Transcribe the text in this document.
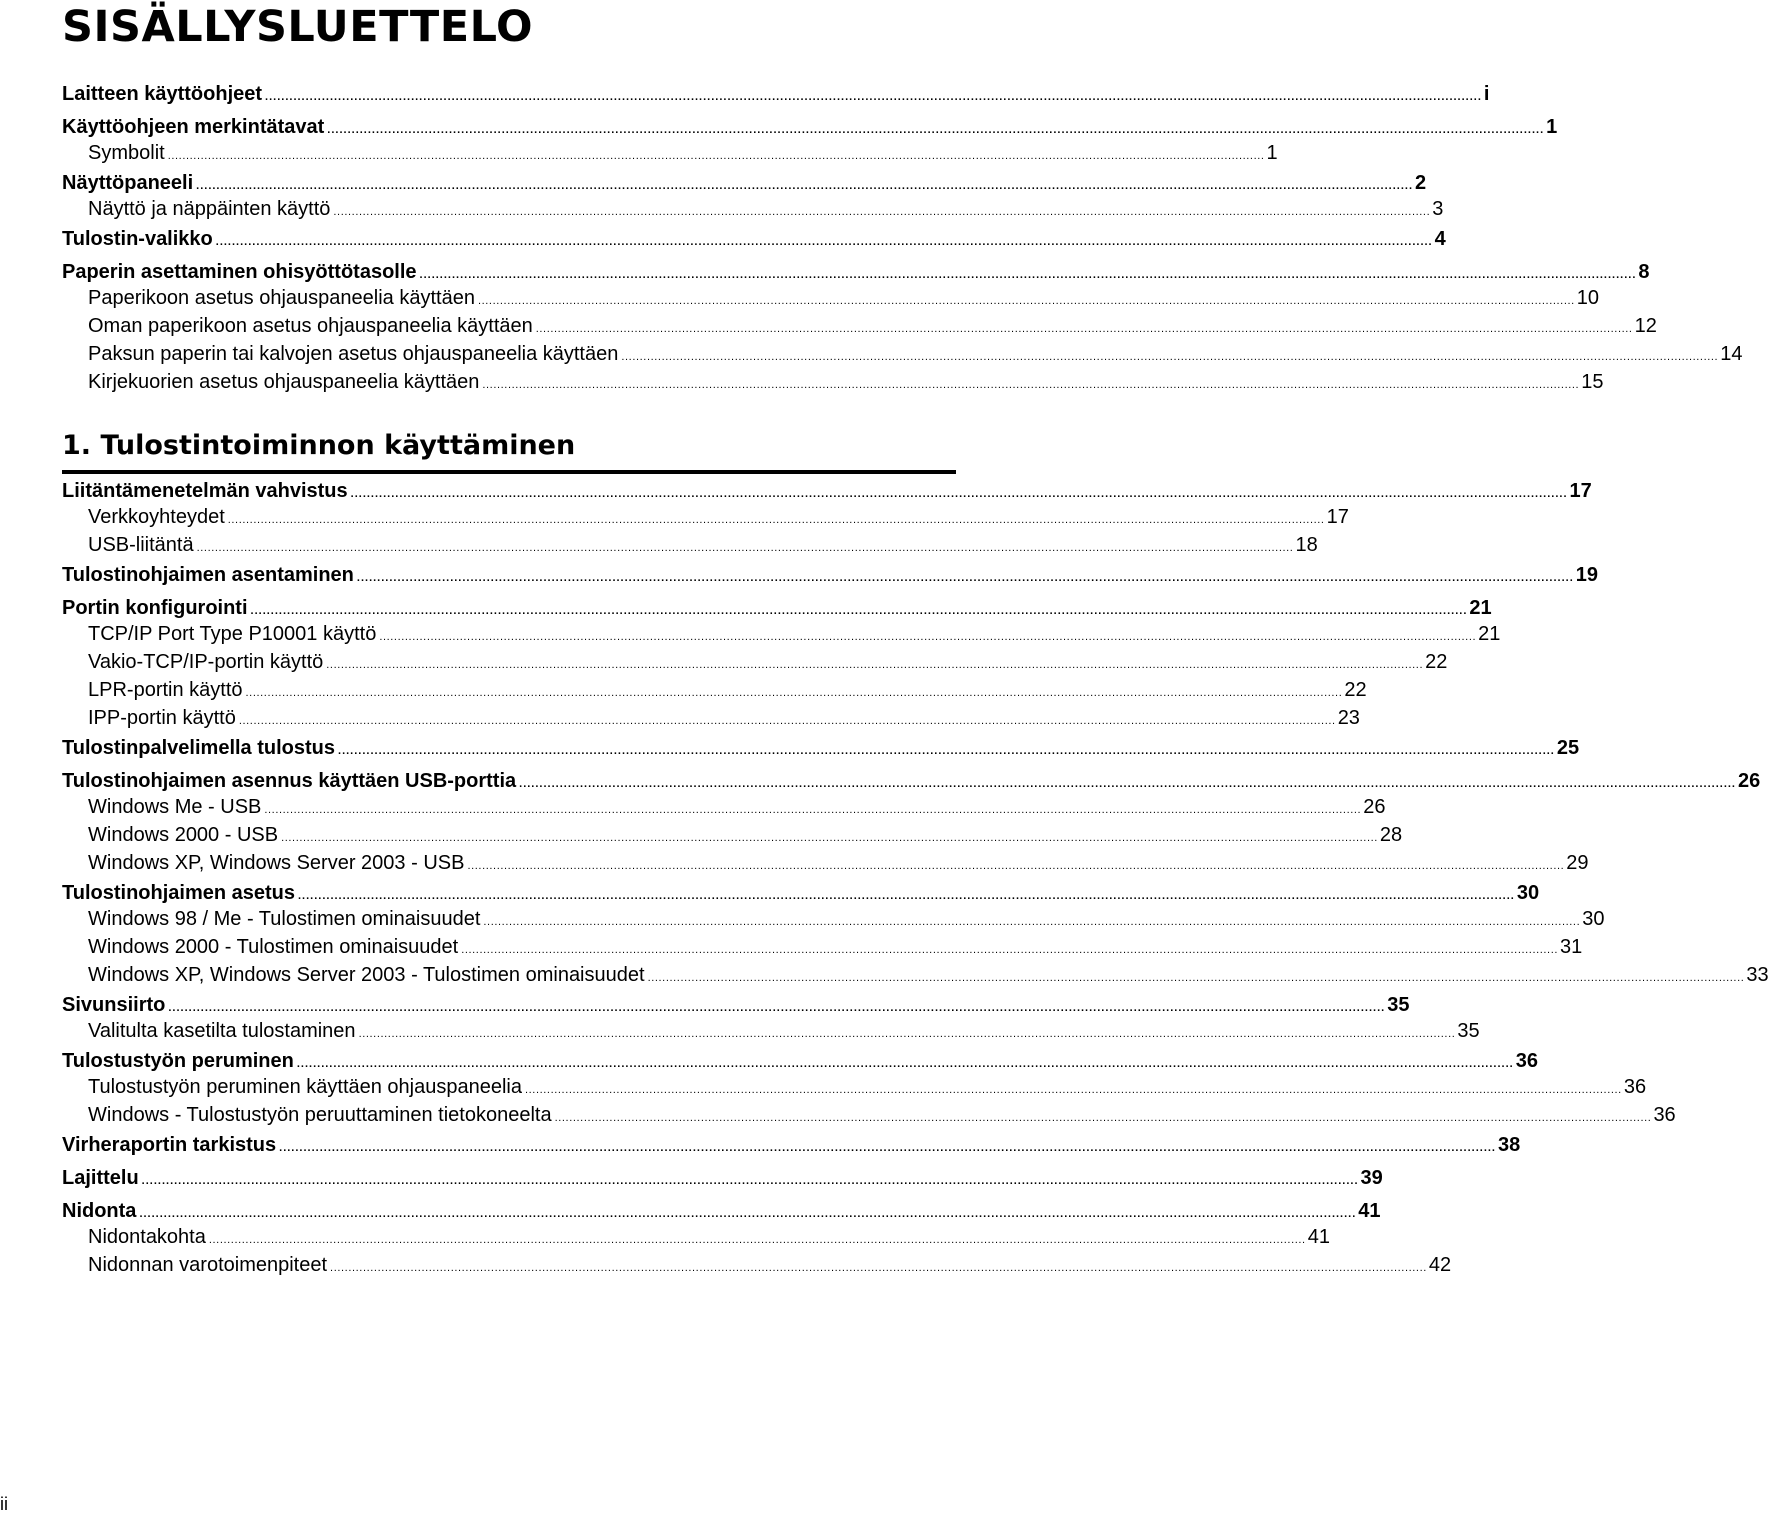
SISÄLLYSLUETTELO
Laitteen käyttöohjeet ............................................................................................................................................................................................................................................................................................................ i
Käyttöohjeen merkintätavat ............................................................................................................................................................................................................................................................................................................ 1
Symbolit ............................................................................................................................................................................................................................................................................................................ 1
Näyttöpaneeli ............................................................................................................................................................................................................................................................................................................ 2
Näyttö ja näppäinten käyttö ............................................................................................................................................................................................................................................................................................................ 3
Tulostin-valikko ............................................................................................................................................................................................................................................................................................................ 4
Paperin asettaminen ohisyöttötasolle ............................................................................................................................................................................................................................................................................................................ 8
Paperikoon asetus ohjauspaneelia käyttäen ............................................................................................................................................................................................................................................................................................................ 10
Oman paperikoon asetus ohjauspaneelia käyttäen ............................................................................................................................................................................................................................................................................................................ 12
Paksun paperin tai kalvojen asetus ohjauspaneelia käyttäen ............................................................................................................................................................................................................................................................................................................ 14
Kirjekuorien asetus ohjauspaneelia käyttäen ............................................................................................................................................................................................................................................................................................................ 15
1. Tulostintoiminnon käyttäminen
Liitäntämenetelmän vahvistus ............................................................................................................................................................................................................................................................................................................ 17
Verkkoyhteydet ............................................................................................................................................................................................................................................................................................................ 17
USB-liitäntä ............................................................................................................................................................................................................................................................................................................ 18
Tulostinohjaimen asentaminen ............................................................................................................................................................................................................................................................................................................ 19
Portin konfigurointi ............................................................................................................................................................................................................................................................................................................ 21
TCP/IP Port Type P10001 käyttö ............................................................................................................................................................................................................................................................................................................ 21
Vakio-TCP/IP-portin käyttö ............................................................................................................................................................................................................................................................................................................ 22
LPR-portin käyttö ............................................................................................................................................................................................................................................................................................................ 22
IPP-portin käyttö ............................................................................................................................................................................................................................................................................................................ 23
Tulostinpalvelimella tulostus ............................................................................................................................................................................................................................................................................................................ 25
Tulostinohjaimen asennus käyttäen USB-porttia ............................................................................................................................................................................................................................................................................................................ 26
Windows Me - USB ............................................................................................................................................................................................................................................................................................................ 26
Windows 2000 - USB ............................................................................................................................................................................................................................................................................................................ 28
Windows XP, Windows Server 2003 - USB ............................................................................................................................................................................................................................................................................................................ 29
Tulostinohjaimen asetus ............................................................................................................................................................................................................................................................................................................ 30
Windows 98 / Me - Tulostimen ominaisuudet ............................................................................................................................................................................................................................................................................................................ 30
Windows 2000 - Tulostimen ominaisuudet ............................................................................................................................................................................................................................................................................................................ 31
Windows XP, Windows Server 2003 - Tulostimen ominaisuudet ............................................................................................................................................................................................................................................................................................................ 33
Sivunsiirto ............................................................................................................................................................................................................................................................................................................ 35
Valitulta kasetilta tulostaminen ............................................................................................................................................................................................................................................................................................................ 35
Tulostustyön peruminen ............................................................................................................................................................................................................................................................................................................ 36
Tulostustyön peruminen käyttäen ohjauspaneelia ............................................................................................................................................................................................................................................................................................................ 36
Windows - Tulostustyön peruuttaminen tietokoneelta ............................................................................................................................................................................................................................................................................................................ 36
Virheraportin tarkistus ............................................................................................................................................................................................................................................................................................................ 38
Lajittelu ............................................................................................................................................................................................................................................................................................................ 39
Nidonta ............................................................................................................................................................................................................................................................................................................ 41
Nidontakohta ............................................................................................................................................................................................................................................................................................................ 41
Nidonnan varotoimenpiteet ............................................................................................................................................................................................................................................................................................................ 42
ii
